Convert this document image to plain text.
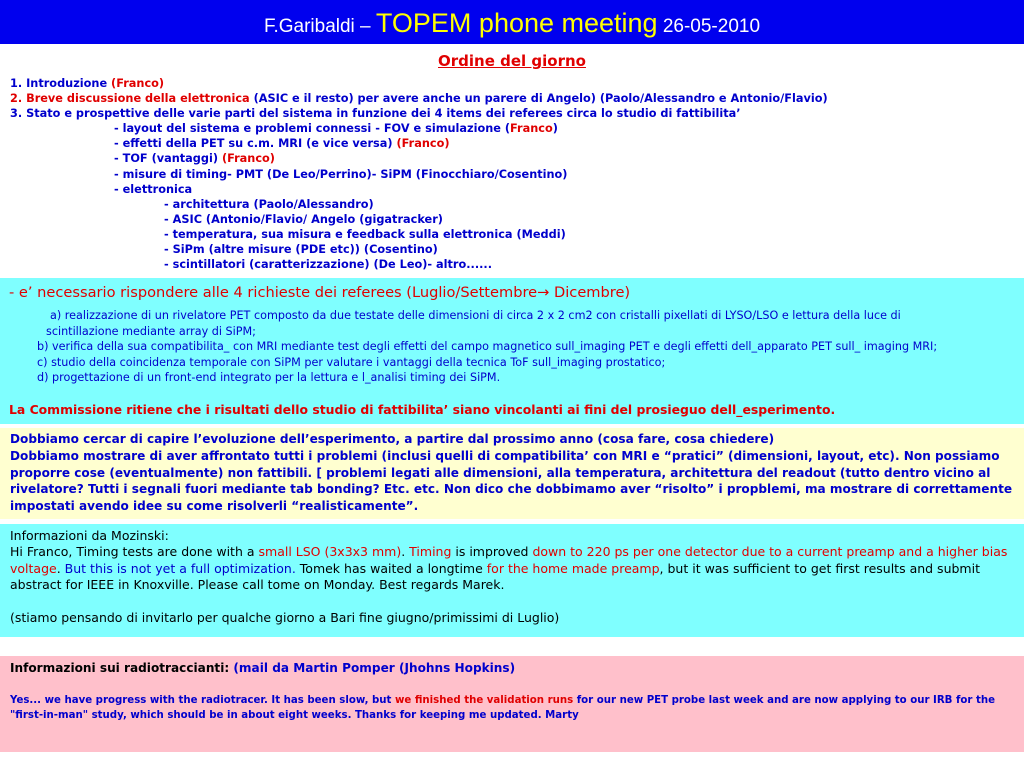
F.Garibaldi – TOPEM phone meeting 26-05-2010
Ordine del giorno
1. Introduzione (Franco)
2. Breve discussione della elettronica (ASIC e il resto) per avere anche un parere di Angelo) (Paolo/Alessandro e Antonio/Flavio)
3. Stato e prospettive delle varie parti del sistema in funzione dei 4 items dei referees circa lo studio di fattibilita’
- layout del sistema e problemi connessi - FOV e simulazione (Franco)
- effetti della PET su c.m. MRI (e vice versa) (Franco)
- TOF (vantaggi) (Franco)
- misure di timing- PMT (De Leo/Perrino)- SiPM (Finocchiaro/Cosentino)
- elettronica
- architettura (Paolo/Alessandro)
- ASIC (Antonio/Flavio/ Angelo (gigatracker)
- temperatura, sua misura e feedback sulla elettronica (Meddi)
- SiPm (altre misure (PDE etc)) (Cosentino)
- scintillatori (caratterizzazione) (De Leo)- altro......
- e’ necessario rispondere alle 4 richieste dei referees (Luglio/Settembre→ Dicembre)
a) realizzazione di un rivelatore PET composto da due testate delle dimensioni di circa 2 x 2 cm2 con cristalli pixellati di LYSO/LSO e lettura della luce di
scintillazione mediante array di SiPM;
b) verifica della sua compatibilita_ con MRI mediante test degli effetti del campo magnetico sull_imaging PET e degli effetti dell_apparato PET sull_ imaging MRI;
c) studio della coincidenza temporale con SiPM per valutare i vantaggi della tecnica ToF sull_imaging prostatico;
d) progettazione di un front-end integrato per la lettura e l_analisi timing dei SiPM.
La Commissione ritiene che i risultati dello studio di fattibilita’ siano vincolanti ai fini del prosieguo dell_esperimento.
Dobbiamo cercar di capire l’evoluzione dell’esperimento, a partire dal prossimo anno (cosa fare, cosa chiedere)
Dobbiamo mostrare di aver affrontato tutti i problemi (inclusi quelli di compatibilita’ con MRI e “pratici” (dimensioni, layout, etc). Non possiamo proporre cose (eventualmente) non fattibili. [ problemi legati alle dimensioni, alla temperatura, architettura del readout (tutto dentro vicino al rivelatore? Tutti i segnali fuori mediante tab bonding? Etc. etc. Non dico che dobbimamo aver “risolto” i propblemi, ma mostrare di correttamente impostati avendo idee su come risolverli “realisticamente”.
Informazioni da Mozinski:
Hi Franco, Timing tests are done with a small LSO (3x3x3 mm). Timing is improved down to 220 ps per one detector due to a current preamp and a higher bias voltage. But this is not yet a full optimization. Tomek has waited a longtime for the home made preamp, but it was sufficient to get first results and submit abstract for IEEE in Knoxville. Please call tome on Monday. Best regards Marek.
(stiamo pensando di invitarlo per qualche giorno a Bari fine giugno/primissimi di Luglio)
Informazioni sui radiotraccianti: (mail da Martin Pomper (Jhohns Hopkins)
Yes... we have progress with the radiotracer. It has been slow, but we finished the validation runs for our new PET probe last week and are now applying to our IRB for the "first-in-man" study, which should be in about eight weeks. Thanks for keeping me updated. Marty
